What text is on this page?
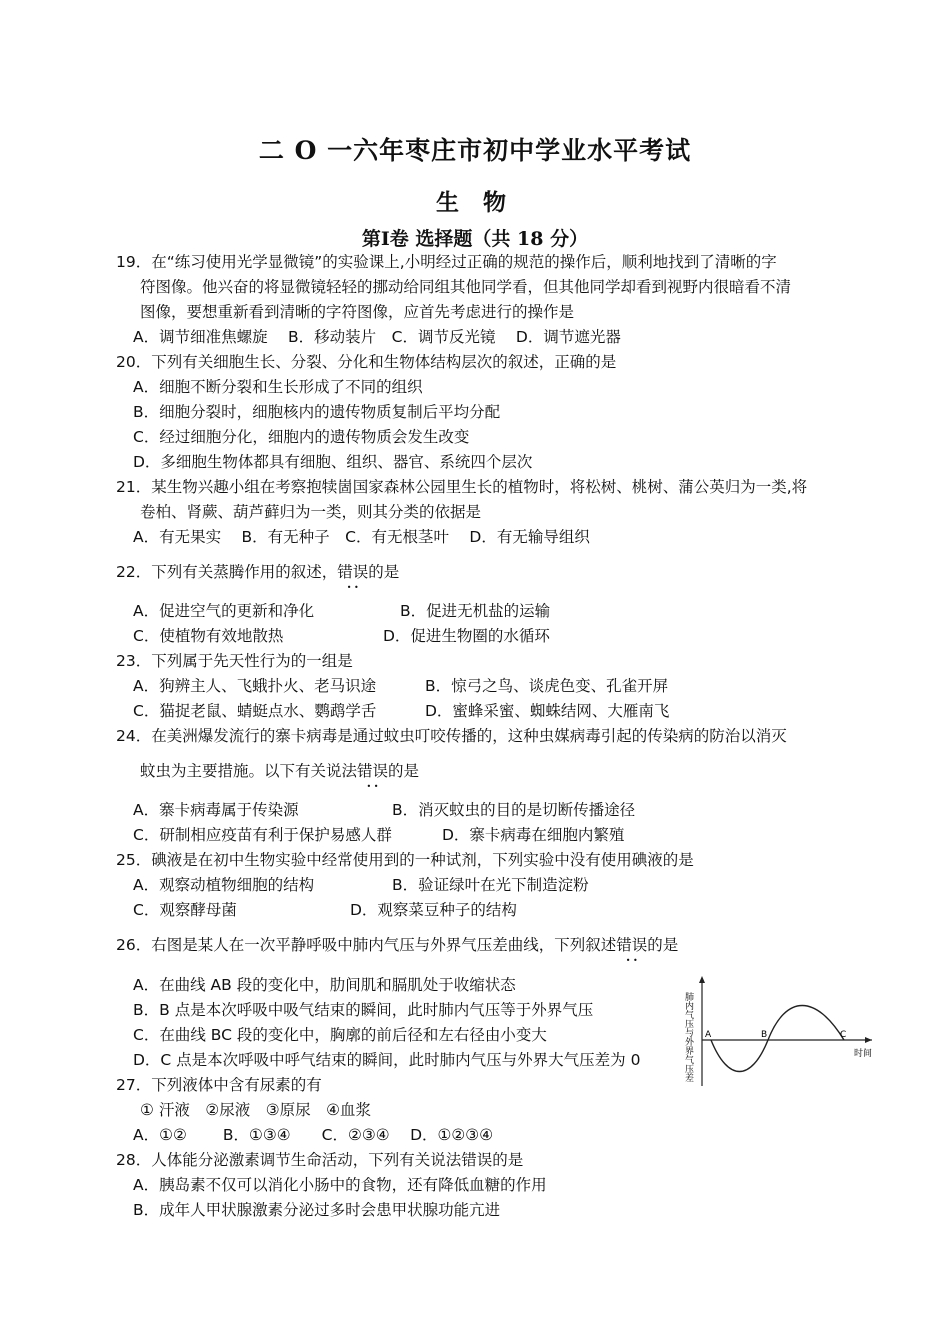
二 O 一六年枣庄市初中学业水平考试
生 物
第Ⅰ卷 选择题（共 18 分）
19．在“练习使用光学显微镜”的实验课上,小明经过正确的规范的操作后，顺利地找到了清晰的字
符图像。他兴奋的将显微镜轻轻的挪动给同组其他同学看，但其他同学却看到视野内很暗看不清
图像，要想重新看到清晰的字符图像，应首先考虑进行的操作是
A．调节细准焦螺旋　 B．移动装片　C．调节反光镜　 D．调节遮光器
20．下列有关细胞生长、分裂、分化和生物体结构层次的叙述，正确的是
A．细胞不断分裂和生长形成了不同的组织
B．细胞分裂时，细胞核内的遗传物质复制后平均分配
C．经过细胞分化，细胞内的遗传物质会发生改变
D．多细胞生物体都具有细胞、组织、器官、系统四个层次
21．某生物兴趣小组在考察抱犊崮国家森林公园里生长的植物时，将松树、桃树、蒲公英归为一类,将
卷柏、肾蕨、葫芦藓归为一类，则其分类的依据是
A．有无果实　 B．有无种子　C．有无根茎叶　 D．有无输导组织
22．下列有关蒸腾作用的叙述，错误 • •的是
A．促进空气的更新和净化	B．促进无机盐的运输
C．使植物有效地散热	D．促进生物圈的水循环
23．下列属于先天性行为的一组是
A．狗辨主人、飞蛾扑火、老马识途	B．惊弓之鸟、谈虎色变、孔雀开屏
C．猫捉老鼠、蜻蜓点水、鹦鹉学舌	D．蜜蜂采蜜、蜘蛛结网、大雁南飞
24．在美洲爆发流行的寨卡病毒是通过蚊虫叮咬传播的，这种虫媒病毒引起的传染病的防治以消灭
蚊虫为主要措施。以下有关说法错误 • •的是
A．寨卡病毒属于传染源	B．消灭蚊虫的目的是切断传播途径
C．研制相应疫苗有利于保护易感人群	D．寨卡病毒在细胞内繁殖
25．碘液是在初中生物实验中经常使用到的一种试剂，下列实验中没有使用碘液的是
A．观察动植物细胞的结构	B．验证绿叶在光下制造淀粉
C．观察酵母菌	D．观察菜豆种子的结构
26．右图是某人在一次平静呼吸中肺内气压与外界气压差曲线，下列叙述错误 • •的是
A．在曲线 AB 段的变化中，肋间肌和膈肌处于收缩状态
B．B 点是本次呼吸中吸气结束的瞬间，此时肺内气压等于外界气压
C．在曲线 BC 段的变化中，胸廓的前后径和左右径由小变大
D．C 点是本次呼吸中呼气结束的瞬间，此时肺内气压与外界大气压差为 0	肺内气压与外界气压差	时间
A	B	C
27．下列液体中含有尿素的有
① 汗液　②尿液　③原尿　④血浆
A．①②　　 B．①③④　　C．②③④　 D．①②③④
28．人体能分泌激素调节生命活动，下列有关说法错误的是
A．胰岛素不仅可以消化小肠中的食物，还有降低血糖的作用
B．成年人甲状腺激素分泌过多时会患甲状腺功能亢进
